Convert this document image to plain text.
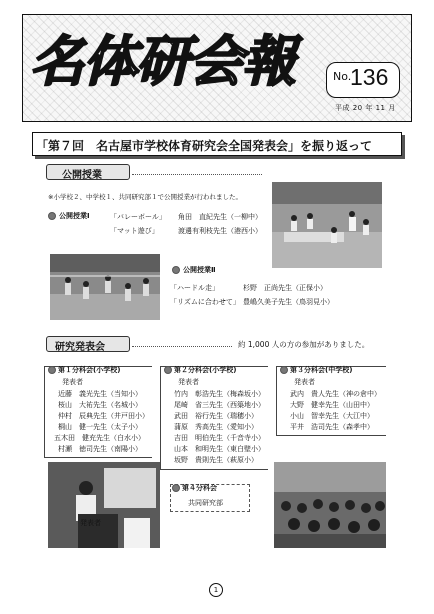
名体研会報	No.
136
平成 20 年 11 月
「第７回　名古屋市学校体育研究会全国発表会」を振り返って
公開授業
※小学校２、中学校１、共同研究部１で公開授業が行われました。
公開授業Ⅰ	「バレーボール」 角田　直紀先生（一柳中）
「マット遊び」	渡邊有利枝先生（港西小）
公開授業Ⅱ
「ハードル走」	杉野　正尚先生（正保小）
「リズムに合わせて」 豊嶋久美子先生（鳥羽見小）
研究発表会	約 1,000 人の方の参加がありました。
第１分科会(小学校)
発表者
近藤　義光先生（当知小）
桜山　大祐先生（名城小）
仲村　辰典先生（井戸田小）
桐山　健一先生（太子小）
五木田　健充先生（白水小）
村瀬　徳司先生（南陽小）
第２分科会(小学校)
発表者
竹内　彰浩先生（梅森坂小）
尾崎　省三先生（西築地小）
武田　裕行先生（瑞穂小）
蒲原　秀高先生（愛知小）
吉田　明伯先生（千音寺小）
山本　和明先生（東白壁小）
坂野　貴則先生（萩原小）
第３分科会(中学校)
発表者
武内　貴人先生（神の倉中）
大野　健幸先生（山田中）
小山　智幸先生（大江中）
平井　浩司先生（森孝中）
発表者
第４分科会
共同研究部
1
